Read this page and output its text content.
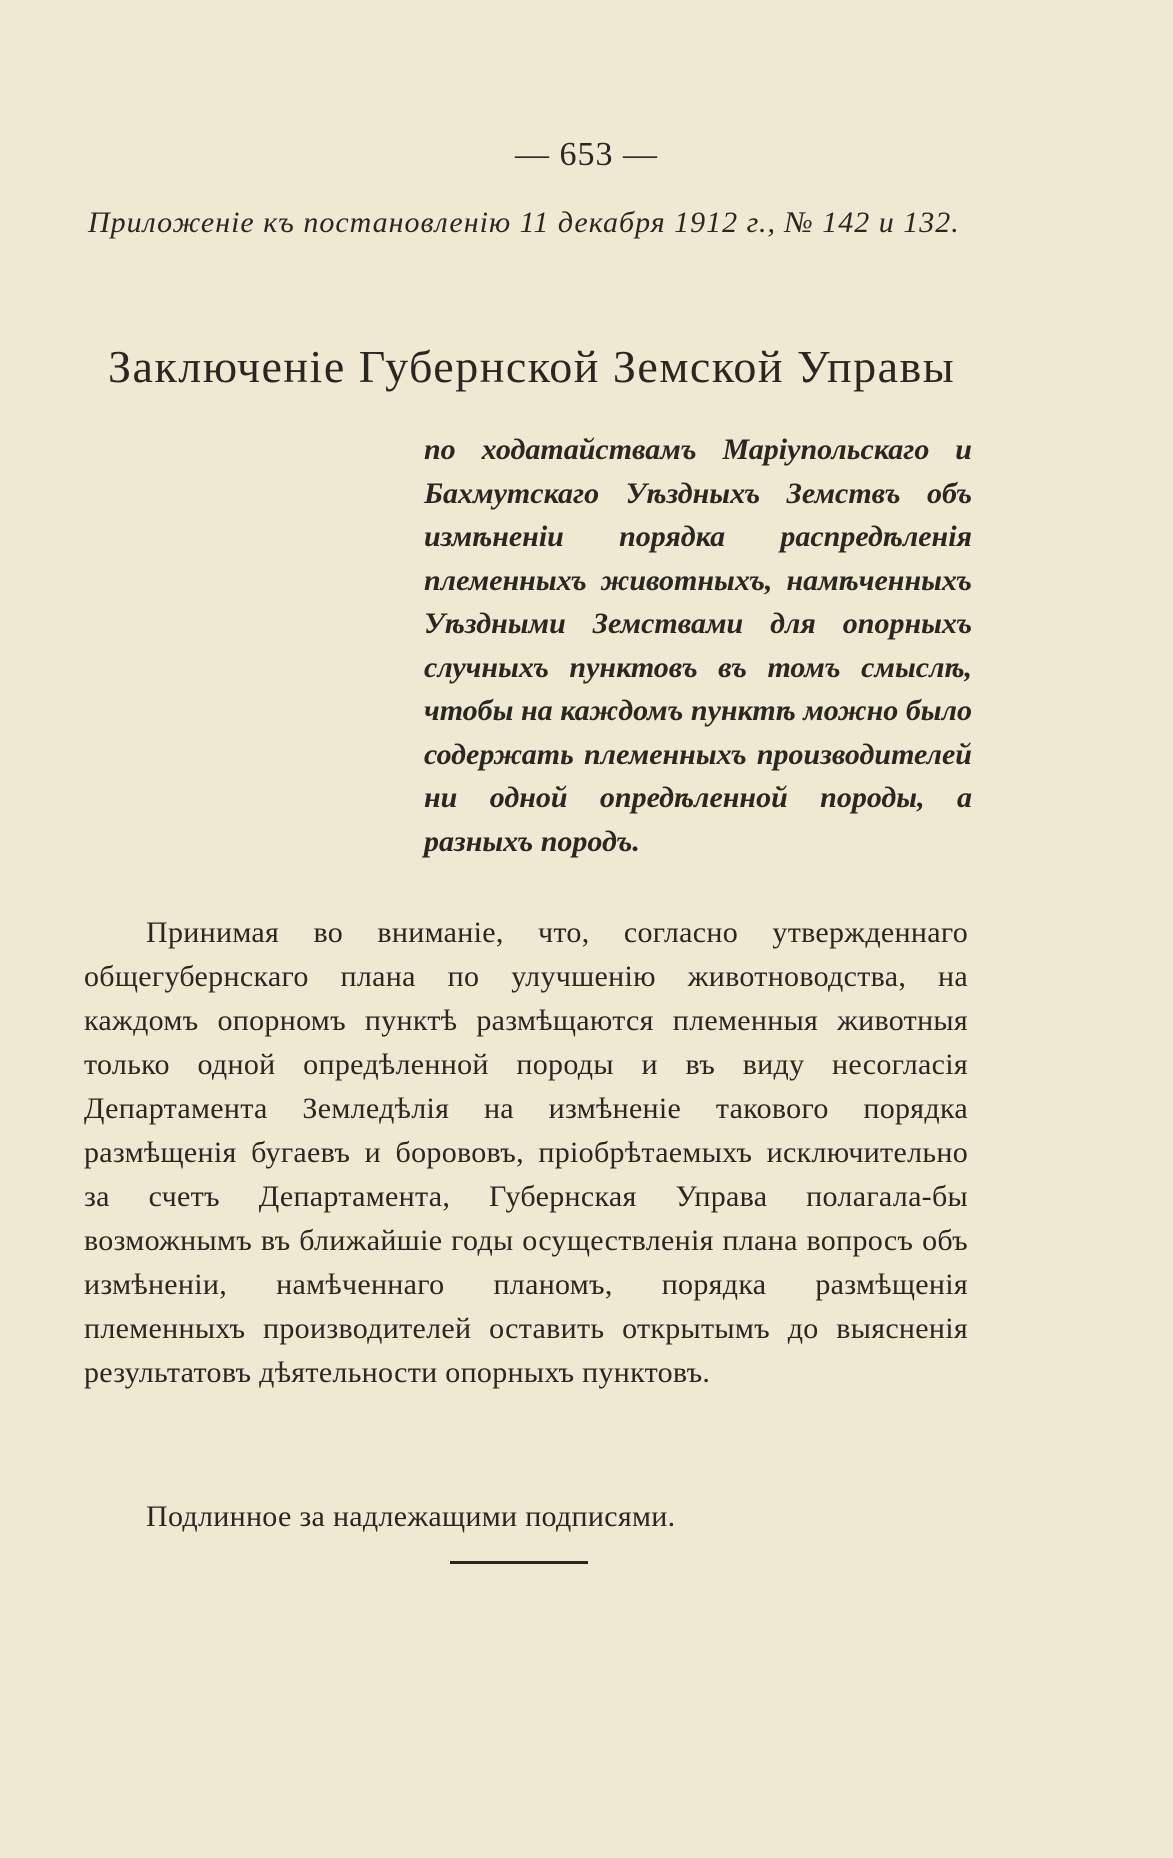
— 653 —
Приложеніе къ постановленію 11 декабря 1912 г., № 142 и 132.
Заключеніе Губернской Земской Управы
по ходатайствамъ Маріупольскаго и Бахмутскаго Уѣздныхъ Земствъ объ измѣненіи порядка распредѣленія племенныхъ животныхъ, намѣченныхъ Уѣздными Земствами для опорныхъ случныхъ пунктовъ въ томъ смыслѣ, чтобы на каждомъ пунктѣ можно было содержать племенныхъ производителей ни одной опредѣленной породы, а разныхъ породъ.

Принимая во вниманіе, что, согласно утвержденнаго общегубернскаго плана по улучшенію животноводства, на каждомъ опорномъ пунктѣ размѣщаются племенныя животныя только одной опредѣленной породы и въ виду несогласія Департамента Земледѣлія на измѣненіе такового порядка размѣщенія бугаевъ и борововъ, пріобрѣтаемыхъ исключительно за счетъ Департамента, Губернская Управа полагала-бы возможнымъ въ ближайшіе годы осуществленія плана вопросъ объ измѣненіи, намѣченнаго планомъ, порядка размѣщенія племенныхъ производителей оставить открытымъ до выясненія результатовъ дѣятельности опорныхъ пунктовъ.

Подлинное за надлежащими подписями.
